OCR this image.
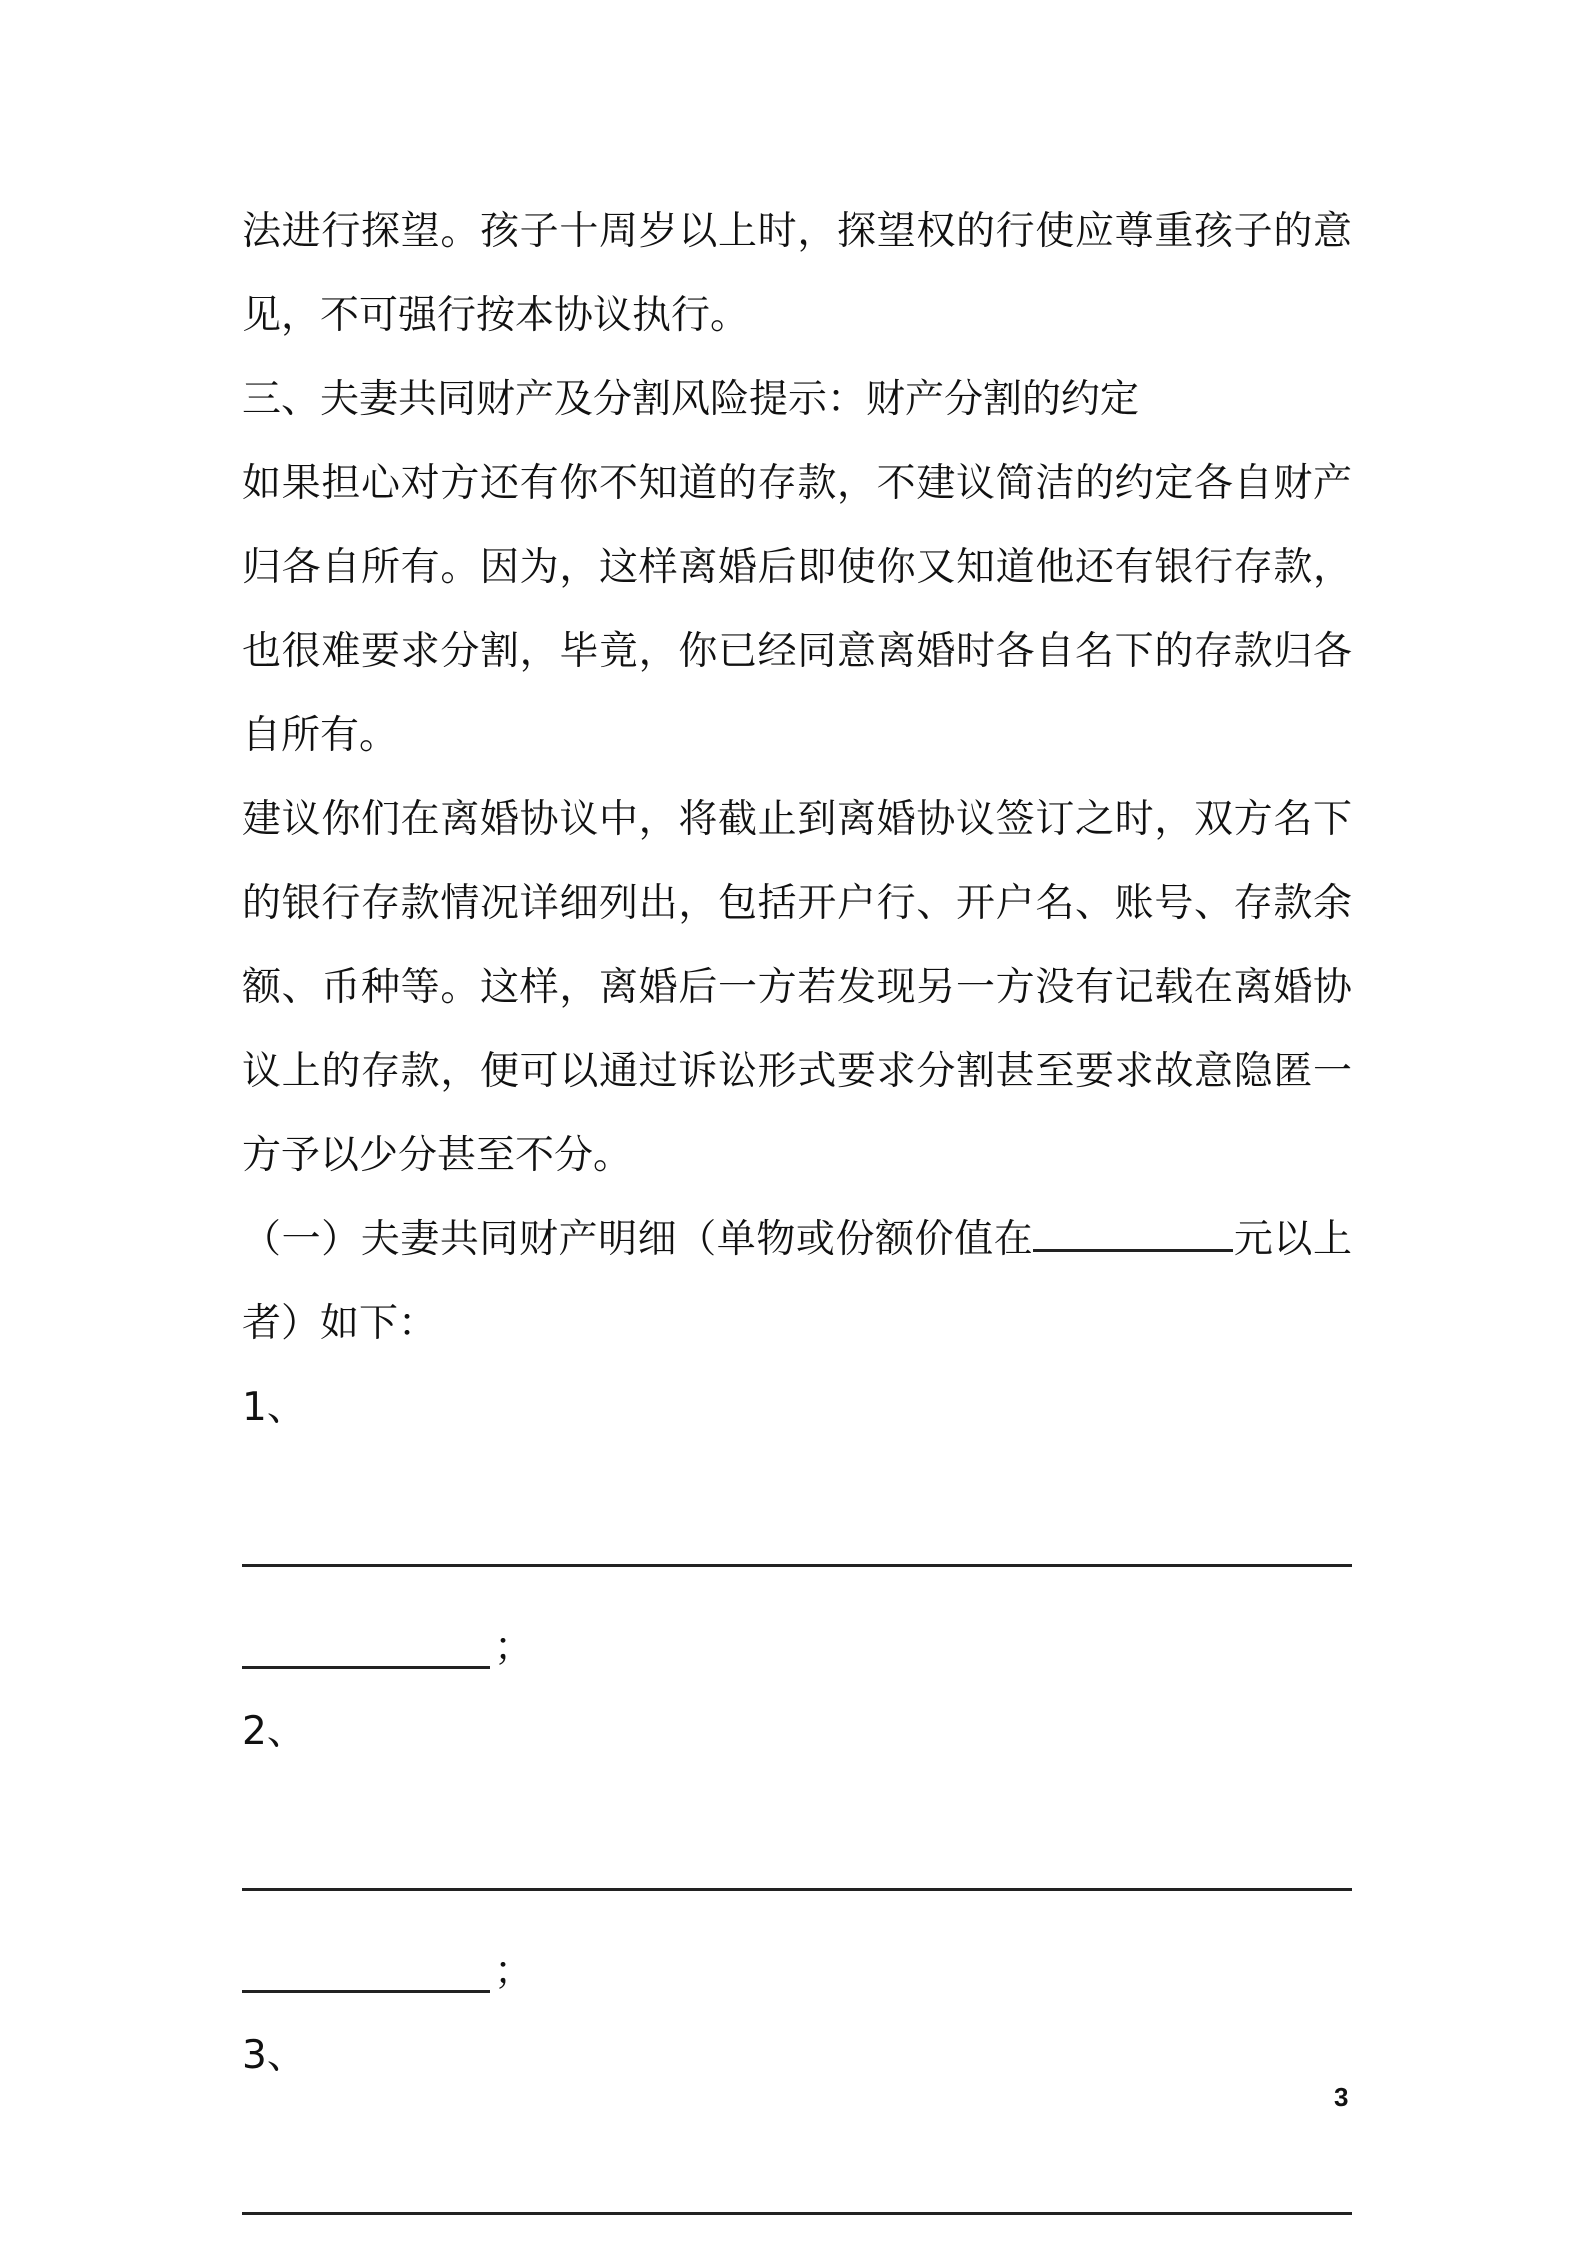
法进行探望。孩子十周岁以上时，探望权的行使应尊重孩子的意
见，不可强行按本协议执行。
三、夫妻共同财产及分割风险提示：财产分割的约定
如果担心对方还有你不知道的存款，不建议简洁的约定各自财产
归各自所有。因为，这样离婚后即使你又知道他还有银行存款，
也很难要求分割，毕竟，你已经同意离婚时各自名下的存款归各
自所有。
建议你们在离婚协议中，将截止到离婚协议签订之时，双方名下
的银行存款情况详细列出，包括开户行、开户名、账号、存款余
额、币种等。这样，离婚后一方若发现另一方没有记载在离婚协
议上的存款，便可以通过诉讼形式要求分割甚至要求故意隐匿一
方予以少分甚至不分。
（一）夫妻共同财产明细（单物或份额价值在	元以上
者）如下：
1、
；
2、
；
3、
3
